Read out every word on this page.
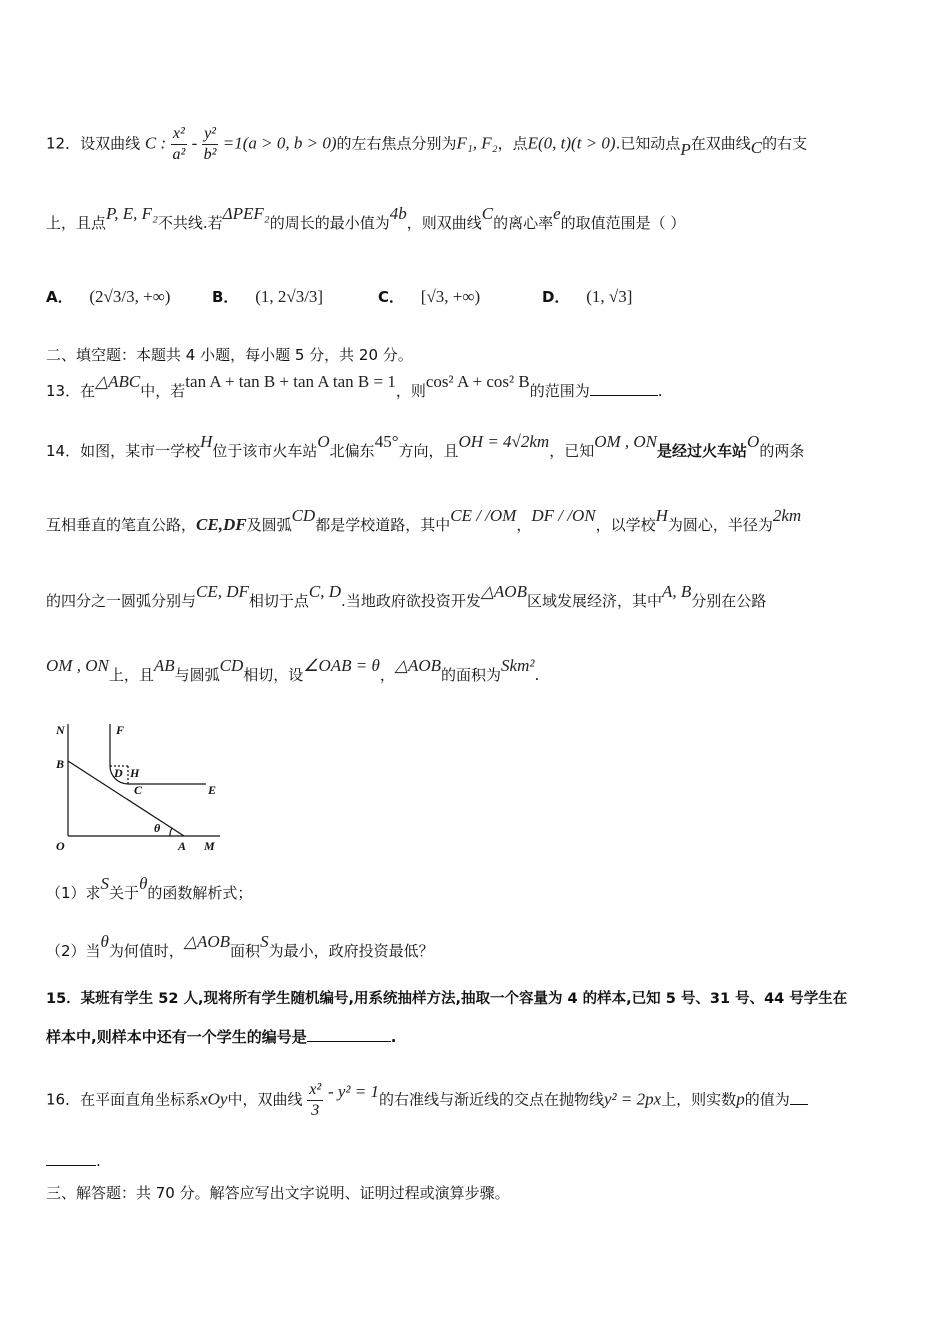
12．设双曲线 C : $\frac{\text{x²}}{\text{a²}} - \frac{\text{y²}}{\text{b²}} =1(a > 0$, b > 0)的左右焦点分别为F₁, F₂，点E(0, t)(t > 0).已知动点P在双曲线C的右支
上，且点P, E, F₂不共线.若ΔPEF₂的周长的最小值为4b，则双曲线C的离心率e的取值范围是（ ）
A． (2√3/3, +∞)	B． (1, 2√3/3]	C． [√3, +∞)	D． (1, √3]
二、填空题：本题共 4 小题，每小题 5 分，共 20 分。
13．在△ABC中，若tan A + tan B + tan A tan B = 1，则cos² A + cos² B的范围为	.
14．如图，某市一学校H位于该市火车站O北偏东45°方向，且OH = 4√2km，已知OM , ON是经过火车站O的两条
互相垂直的笔直公路，CE,DF及圆弧CD都是学校道路，其中CE / /OM，DF / /ON，以学校H为圆心，半径为2km
的四分之一圆弧分别与CE, DF相切于点C, D.当地政府欲投资开发△AOB区域发展经济，其中A, B分别在公路
OM , ON上，且AB与圆弧CD相切，设∠OAB = θ，△AOB的面积为Skm².
N	F
B
D H
C	E
θ
O	A M
（1）求S关于θ的函数解析式；
（2）当θ为何值时，△AOB面积S为最小，政府投资最低？
15．某班有学生 52 人,现将所有学生随机编号,用系统抽样方法,抽取一个容量为 4 的样本,已知 5 号、31 号、44 号学生在
样本中,则样本中还有一个学生的编号是	.
16．在平面直角坐标系xOy中，双曲线 $\frac{\text{x²}}{3} - y^2 = 1$的右准线与渐近线的交点在抛物线y² = 2px上，则实数p的值为
.
三、解答题：共 70 分。解答应写出文字说明、证明过程或演算步骤。
